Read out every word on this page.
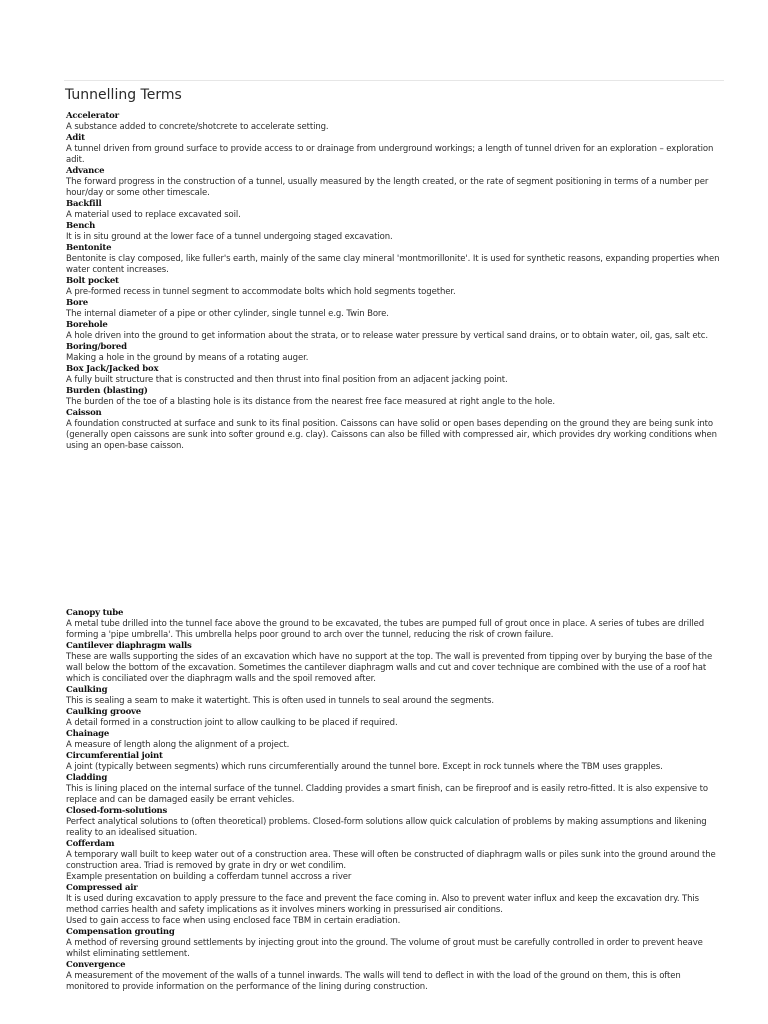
Tunnelling Terms
Accelerator
A substance added to concrete/shotcrete to accelerate setting.
Adit
A tunnel driven from ground surface to provide access to or drainage from underground workings; a length of tunnel driven for an exploration – exploration adit.
Advance
The forward progress in the construction of a tunnel, usually measured by the length created, or the rate of segment positioning in terms of a number per hour/day or some other timescale.
Backfill
A material used to replace excavated soil.
Bench
It is in situ ground at the lower face of a tunnel undergoing staged excavation.
Bentonite
Bentonite is clay composed, like fuller's earth, mainly of the same clay mineral 'montmorillonite'. It is used for synthetic reasons, expanding properties when water content increases.
Bolt pocket
A pre-formed recess in tunnel segment to accommodate bolts which hold segments together.
Bore
The internal diameter of a pipe or other cylinder, single tunnel e.g. Twin Bore.
Borehole
A hole driven into the ground to get information about the strata, or to release water pressure by vertical sand drains, or to obtain water, oil, gas, salt etc.
Boring/bored
Making a hole in the ground by means of a rotating auger.
Box Jack/Jacked box
A fully built structure that is constructed and then thrust into final position from an adjacent jacking point.
Burden (blasting)
The burden of the toe of a blasting hole is its distance from the nearest free face measured at right angle to the hole.
Caisson
A foundation constructed at surface and sunk to its final position. Caissons can have solid or open bases depending on the ground they are being sunk into (generally open caissons are sunk into softer ground e.g. clay). Caissons can also be filled with compressed air, which provides dry working conditions when using an open-base caisson.
Canopy tube
A metal tube drilled into the tunnel face above the ground to be excavated, the tubes are pumped full of grout once in place. A series of tubes are drilled forming a 'pipe umbrella'. This umbrella helps poor ground to arch over the tunnel, reducing the risk of crown failure.
Cantilever diaphragm walls
These are walls supporting the sides of an excavation which have no support at the top. The wall is prevented from tipping over by burying the base of the wall below the bottom of the excavation. Sometimes the cantilever diaphragm walls and cut and cover technique are combined with the use of a roof hat which is conciliated over the diaphragm walls and the spoil removed after.
Caulking
This is sealing a seam to make it watertight. This is often used in tunnels to seal around the segments.
Caulking groove
A detail formed in a construction joint to allow caulking to be placed if required.
Chainage
A measure of length along the alignment of a project.
Circumferential joint
A joint (typically between segments) which runs circumferentially around the tunnel bore. Except in rock tunnels where the TBM uses grapples.
Cladding
This is lining placed on the internal surface of the tunnel. Cladding provides a smart finish, can be fireproof and is easily retro-fitted. It is also expensive to replace and can be damaged easily be errant vehicles.
Closed-form-solutions
Perfect analytical solutions to (often theoretical) problems. Closed-form solutions allow quick calculation of problems by making assumptions and likening reality to an idealised situation.
Cofferdam
A temporary wall built to keep water out of a construction area. These will often be constructed of diaphragm walls or piles sunk into the ground around the construction area. Triad is removed by grate in dry or wet condilim.
Example presentation on building a cofferdam tunnel accross a river
Compressed air
It is used during excavation to apply pressure to the face and prevent the face coming in. Also to prevent water influx and keep the excavation dry. This method carries health and safety implications as it involves miners working in pressurised air conditions.
Used to gain access to face when using enclosed face TBM in certain eradiation.
Compensation grouting
A method of reversing ground settlements by injecting grout into the ground. The volume of grout must be carefully controlled in order to prevent heave whilst eliminating settlement.
Convergence
A measurement of the movement of the walls of a tunnel inwards. The walls will tend to deflect in with the load of the ground on them, this is often monitored to provide information on the performance of the lining during construction.
